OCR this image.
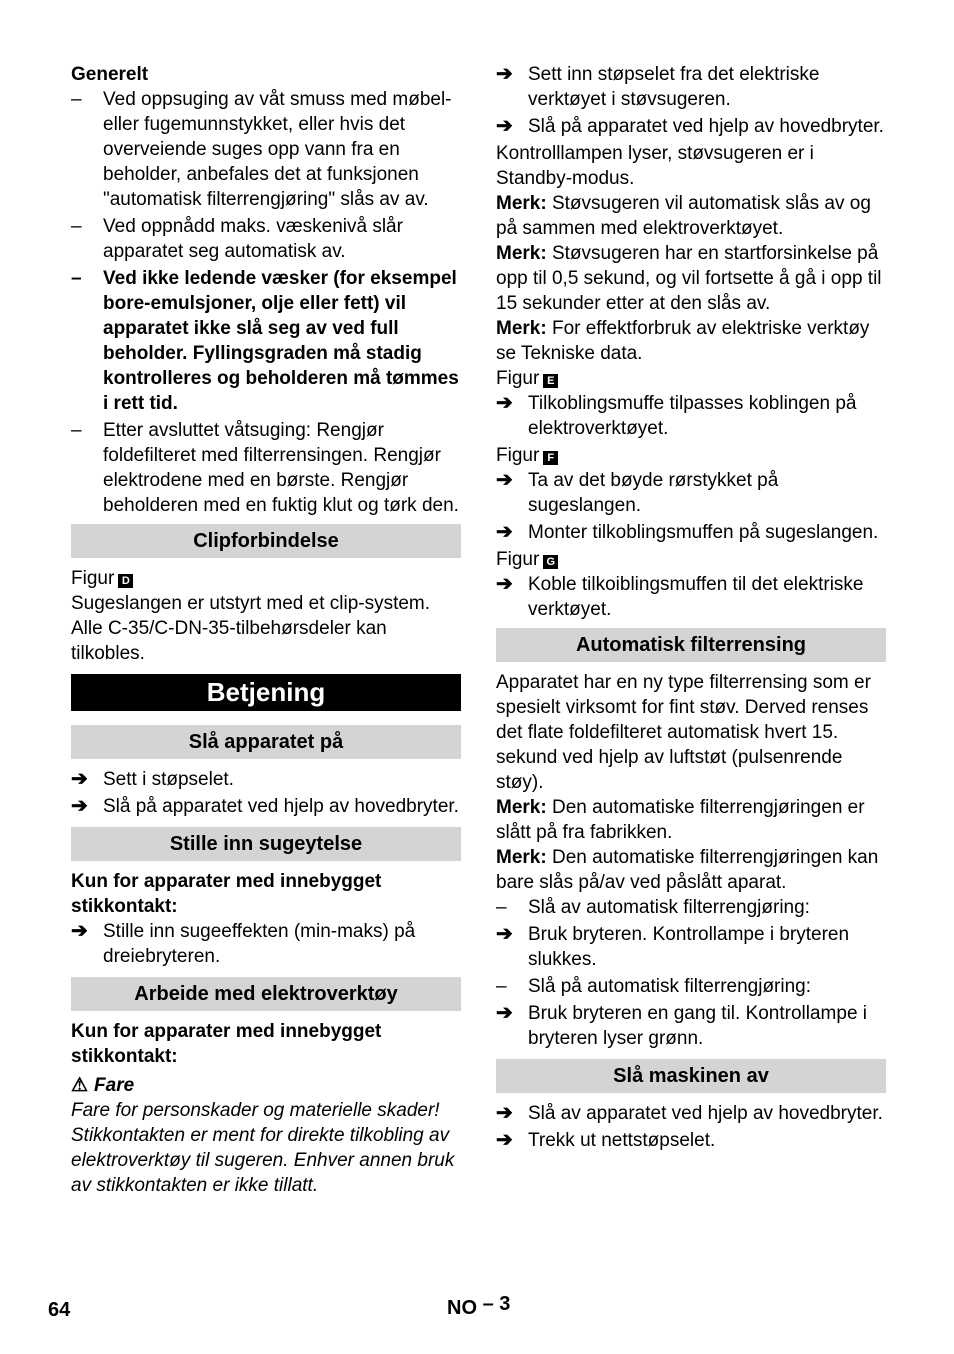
Generelt

– Ved oppsuging av våt smuss med møbel- eller fugemunnstykket, eller hvis det overveiende suges opp vann fra en beholder, anbefales det at funksjonen "automatisk filterrengjøring" slås av av.
– Ved oppnådd maks. væskenivå slår apparatet seg automatisk av.
– Ved ikke ledende væsker (for eksempel bore-emulsjoner, olje eller fett) vil apparatet ikke slå seg av ved full beholder. Fyllingsgraden må stadig kontrolleres og beholderen må tømmes i rett tid.
– Etter avsluttet våtsuging: Rengjør foldefilteret med filterrensingen. Rengjør elektrodene med en børste. Rengjør beholderen med en fuktig klut og tørk den.
Clipforbindelse

Figur D

Sugeslangen er utstyrt med et clip-system. Alle C-35/C-DN-35-tilbehørsdeler kan tilkobles.

Betjening
Slå apparatet på
➔ Sett i støpselet.
➔ Slå på apparatet ved hjelp av hovedbryter.
Stille inn sugeytelse

Kun for apparater med innebygget stikkontakt:

➔ Stille inn sugeeffekten (min-maks) på dreiebryteren.
Arbeide med elektroverktøy

Kun for apparater med innebygget stikkontakt:

⚠ Fare

Fare for personskader og materielle skader! Stikkontakten er ment for direkte tilkobling av elektroverktøy til sugeren. Enhver annen bruk av stikkontakten er ikke tillatt.

➔ Sett inn støpselet fra det elektriske verktøyet i støvsugeren.
➔ Slå på apparatet ved hjelp av hovedbryter.

Kontrolllampen lyser, støvsugeren er i Standby-modus.

Merk: Støvsugeren vil automatisk slås av og på sammen med elektroverktøyet.

Merk: Støvsugeren har en startforsinkelse på opp til 0,5 sekund, og vil fortsette å gå i opp til 15 sekunder etter at den slås av.

Merk: For effektforbruk av elektriske verktøy se Tekniske data.

Figur E

➔ Tilkoblingsmuffe tilpasses koblingen på elektroverktøyet.

Figur F

➔ Ta av det bøyde rørstykket på sugeslangen.
➔ Monter tilkoblingsmuffen på sugeslangen.

Figur G

➔ Koble tilkoiblingsmuffen til det elektriske verktøyet.
Automatisk filterrensing

Apparatet har en ny type filterrensing som er spesielt virksomt for fint støv. Derved renses det flate foldefilteret automatisk hvert 15. sekund ved hjelp av luftstøt (pulsenrende støy).

Merk: Den automatiske filterrengjøringen er slått på fra fabrikken.

Merk: Den automatiske filterrengjøringen kan bare slås på/av ved påslått aparat.

– Slå av automatisk filterrengjøring:
➔ Bruk bryteren. Kontrollampe i bryteren slukkes.
– Slå på automatisk filterrengjøring:
➔ Bruk bryteren en gang til. Kontrollampe i bryteren lyser grønn.
Slå maskinen av
➔ Slå av apparatet ved hjelp av hovedbryter.
➔ Trekk ut nettstøpselet.
64	NO – 3
